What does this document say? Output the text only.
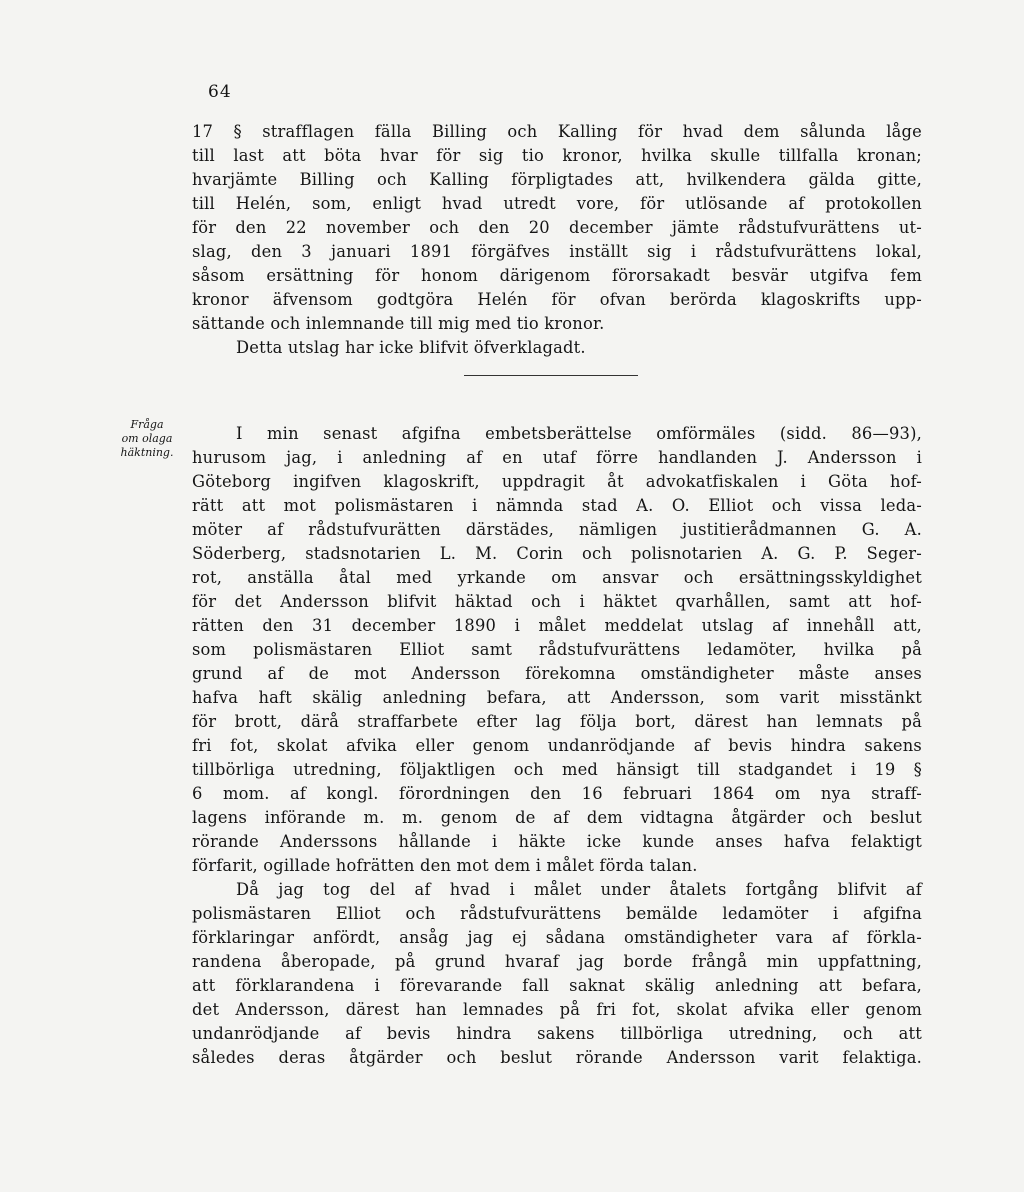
64
17 § strafflagen fälla Billing och Kalling för hvad dem sålunda låge
till last att böta hvar för sig tio kronor, hvilka skulle tillfalla kronan;
hvarjämte Billing och Kalling förpligtades att, hvilkendera gälda gitte,
till Helén, som, enligt hvad utredt vore, för utlösande af protokollen
för den 22 november och den 20 december jämte rådstufvurättens ut-
slag, den 3 januari 1891 förgäfves inställt sig i rådstufvurättens lokal,
såsom ersättning för honom därigenom förorsakadt besvär utgifva fem
kronor äfvensom godtgöra Helén för ofvan berörda klagoskrifts upp-
sättande och inlemnande till mig med tio kronor.
Detta utslag har icke blifvit öfverklagadt.
Fråga
om olaga
häktning.
I min senast afgifna embetsberättelse omförmäles (sidd. 86—93),
hurusom jag, i anledning af en utaf förre handlanden J. Andersson i
Göteborg ingifven klagoskrift, uppdragit åt advokatfiskalen i Göta hof-
rätt att mot polismästaren i nämnda stad A. O. Elliot och vissa leda-
möter af rådstufvurätten därstädes, nämligen justitierådmannen G. A.
Söderberg, stadsnotarien L. M. Corin och polisnotarien A. G. P. Seger-
rot, anställa åtal med yrkande om ansvar och ersättningsskyldighet
för det Andersson blifvit häktad och i häktet qvarhållen, samt att hof-
rätten den 31 december 1890 i målet meddelat utslag af innehåll att,
som polismästaren Elliot samt rådstufvurättens ledamöter, hvilka på
grund af de mot Andersson förekomna omständigheter måste anses
hafva haft skälig anledning befara, att Andersson, som varit misstänkt
för brott, därå straffarbete efter lag följa bort, därest han lemnats på
fri fot, skolat afvika eller genom undanrödjande af bevis hindra sakens
tillbörliga utredning, följaktligen och med hänsigt till stadgandet i 19 §
6 mom. af kongl. förordningen den 16 februari 1864 om nya straff-
lagens införande m. m. genom de af dem vidtagna åtgärder och beslut
rörande Anderssons hållande i häkte icke kunde anses hafva felaktigt
förfarit, ogillade hofrätten den mot dem i målet förda talan.
Då jag tog del af hvad i målet under åtalets fortgång blifvit af
polismästaren Elliot och rådstufvurättens bemälde ledamöter i afgifna
förklaringar anfördt, ansåg jag ej sådana omständigheter vara af förkla-
randena åberopade, på grund hvaraf jag borde frångå min uppfattning,
att förklarandena i förevarande fall saknat skälig anledning att befara,
det Andersson, därest han lemnades på fri fot, skolat afvika eller genom
undanrödjande af bevis hindra sakens tillbörliga utredning, och att
således deras åtgärder och beslut rörande Andersson varit felaktiga.
